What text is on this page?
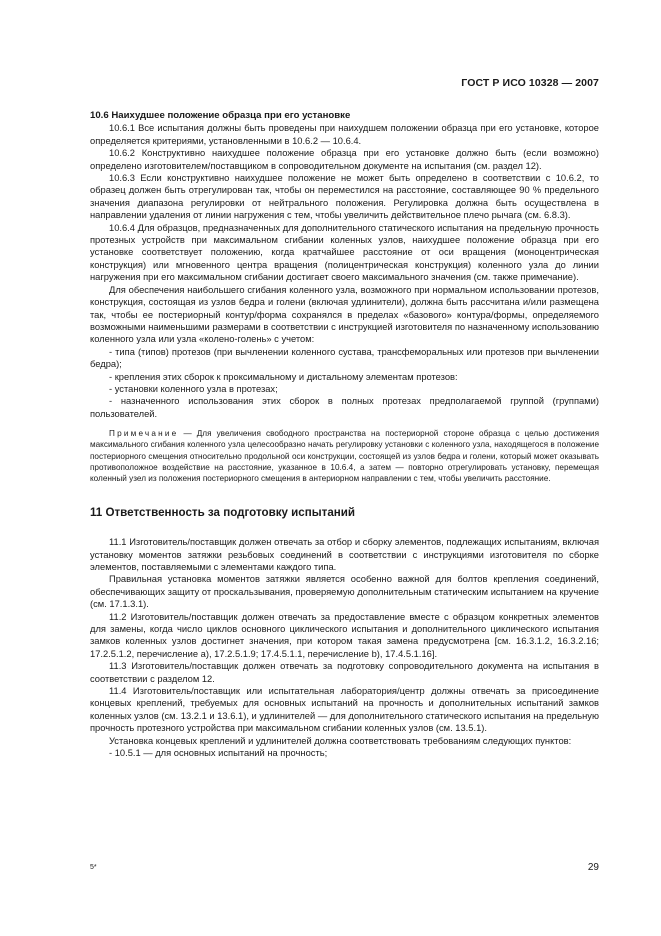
ГОСТ Р ИСО 10328 — 2007
10.6 Наихудшее положение образца при его установке

10.6.1 Все испытания должны быть проведены при наихудшем положении образца при его установке, которое определяется критериями, установленными в 10.6.2 — 10.6.4.

10.6.2 Конструктивно наихудшее положение образца при его установке должно быть (если возможно) определено изготовителем/поставщиком в сопроводительном документе на испытания (см. раздел 12).

10.6.3 Если конструктивно наихудшее положение не может быть определено в соответствии с 10.6.2, то образец должен быть отрегулирован так, чтобы он переместился на расстояние, составляющее 90 % предельного значения диапазона регулировки от нейтрального положения. Регулировка должна быть осуществлена в направлении удаления от линии нагружения с тем, чтобы увеличить действительное плечо рычага (см. 6.8.3).

10.6.4 Для образцов, предназначенных для дополнительного статического испытания на предельную прочность протезных устройств при максимальном сгибании коленных узлов, наихудшее положение образца при его установке соответствует положению, когда кратчайшее расстояние от оси вращения (моноцентрическая конструкция) или мгновенного центра вращения (полицентрическая конструкция) коленного узла до линии нагружения при его максимальном сгибании достигает своего максимального значения (см. также примечание).

Для обеспечения наибольшего сгибания коленного узла, возможного при нормальном использовании протезов, конструкция, состоящая из узлов бедра и голени (включая удлинители), должна быть рассчитана и/или размещена так, чтобы ее постериорный контур/форма сохранялся в пределах «базового» контура/формы, определяемого возможными наименьшими размерами в соответствии с инструкцией изготовителя по назначенному использованию коленного узла или узла «колено-голень» с учетом:

- типа (типов) протезов (при вычленении коленного сустава, трансфеморальных или протезов при вычленении бедра);

- крепления этих сборок к проксимальному и дистальному элементам протезов:

- установки коленного узла в протезах;

- назначенного использования этих сборок в полных протезах предполагаемой группой (группами) пользователей.

Примечание — Для увеличения свободного пространства на постериорной стороне образца с целью достижения максимального сгибания коленного узла целесообразно начать регулировку установки с коленного узла, находящегося в положение постериорного смещения относительно продольной оси конструкции, состоящей из узлов бедра и голени, который может оказывать противоположное воздействие на расстояние, указанное в 10.6.4, а затем — повторно отрегулировать установку, перемещая коленный узел из положения постериорного смещения в антериорном направлении с тем, чтобы увеличить расстояние.

11 Ответственность за подготовку испытаний

11.1 Изготовитель/поставщик должен отвечать за отбор и сборку элементов, подлежащих испытаниям, включая установку моментов затяжки резьбовых соединений в соответствии с инструкциями изготовителя по сборке элементов, поставляемыми с элементами каждого типа.

Правильная установка моментов затяжки является особенно важной для болтов крепления соединений, обеспечивающих защиту от проскальзывания, проверяемую дополнительным статическим испытанием на кручение (см. 17.1.3.1).

11.2 Изготовитель/поставщик должен отвечать за предоставление вместе с образцом конкретных элементов для замены, когда число циклов основного циклического испытания и дополнительного циклического испытания замков коленных узлов достигнет значения, при котором такая замена предусмотрена [см. 16.3.1.2, 16.3.2.16; 17.2.5.1.2, перечисление а), 17.2.5.1.9; 17.4.5.1.1, перечисление b), 17.4.5.1.16].

11.3 Изготовитель/поставщик должен отвечать за подготовку сопроводительного документа на испытания в соответствии с разделом 12.

11.4 Изготовитель/поставщик или испытательная лаборатория/центр должны отвечать за присоединение концевых креплений, требуемых для основных испытаний на прочность и дополнительных испытаний замков коленных узлов (см. 13.2.1 и 13.6.1), и удлинителей — для дополнительного статического испытания на предельную прочность протезного устройства при максимальном сгибании коленных узлов (см. 13.5.1).

Установка концевых креплений и удлинителей должна соответствовать требованиям следующих пунктов:

- 10.5.1 — для основных испытаний на прочность;

5*	29
